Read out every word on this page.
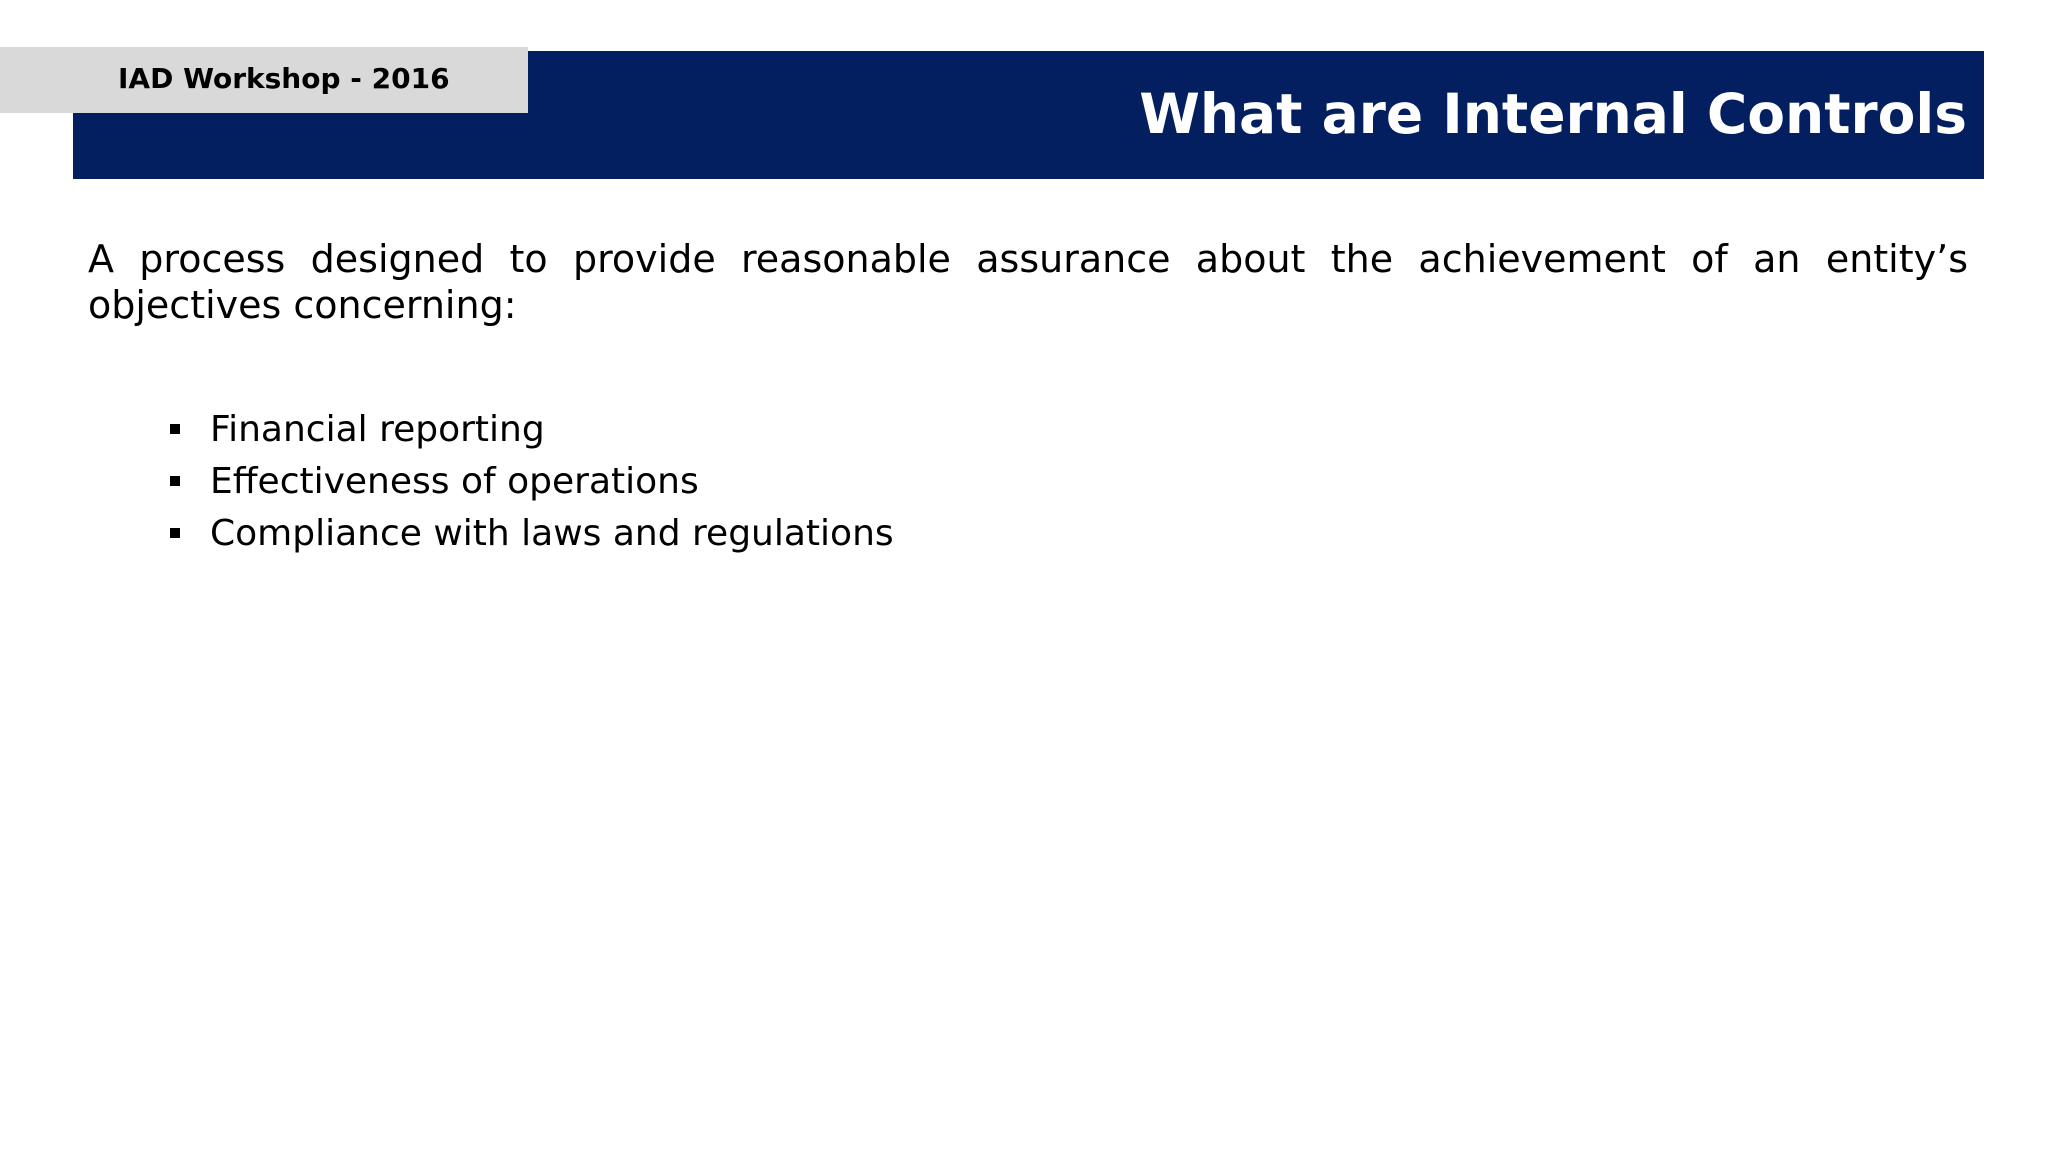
What are Internal Controls
IAD Workshop - 2016

A process designed to provide reasonable assurance about the achievement of an entity’s objectives concerning:

Financial reporting
Effectiveness of operations
Compliance with laws and regulations
